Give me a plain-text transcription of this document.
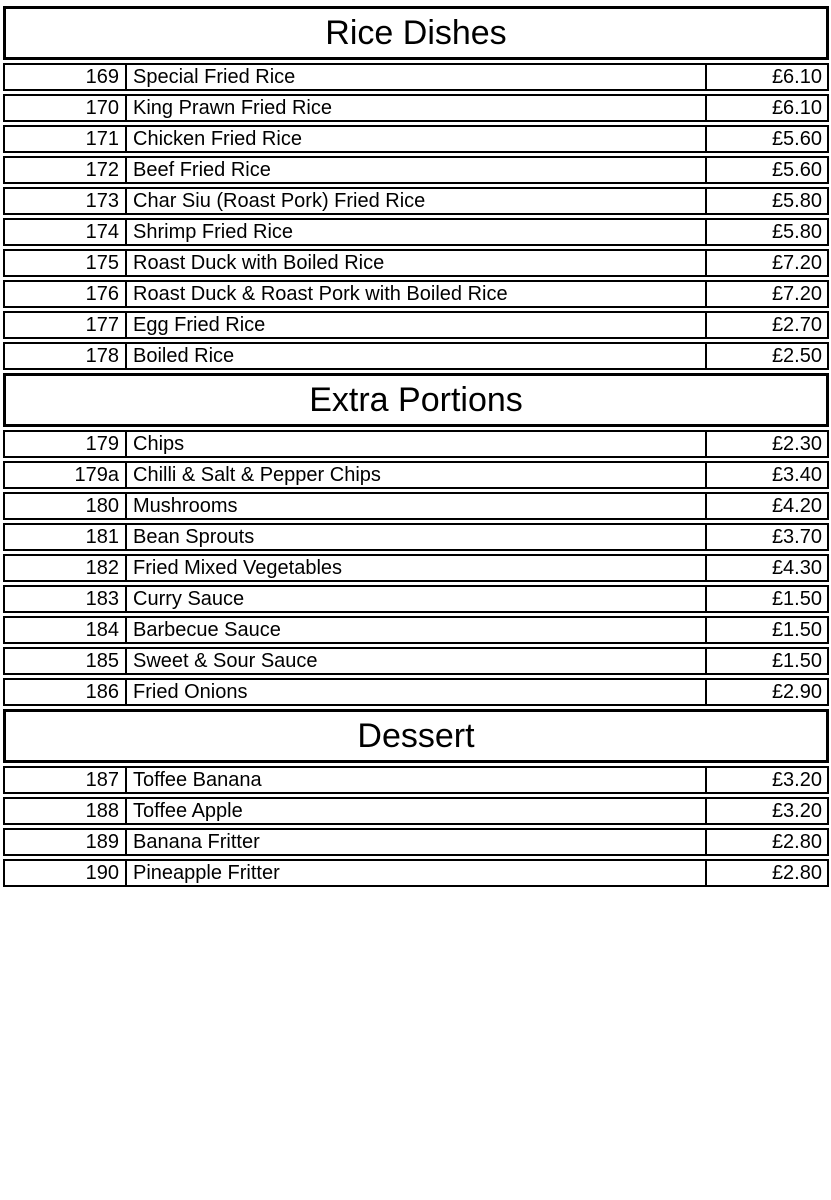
Rice Dishes
169	Special Fried Rice	£6.10
170	King Prawn Fried Rice	£6.10
171	Chicken Fried Rice	£5.60
172	Beef Fried Rice	£5.60
173	Char Siu (Roast Pork) Fried Rice	£5.80
174	Shrimp Fried Rice	£5.80
175	Roast Duck with Boiled Rice	£7.20
176	Roast Duck & Roast Pork with Boiled Rice	£7.20
177	Egg Fried Rice	£2.70
178	Boiled Rice	£2.50
Extra Portions
179	Chips	£2.30
179a	Chilli & Salt & Pepper Chips	£3.40
180	Mushrooms	£4.20
181	Bean Sprouts	£3.70
182	Fried Mixed Vegetables	£4.30
183	Curry Sauce	£1.50
184	Barbecue Sauce	£1.50
185	Sweet & Sour Sauce	£1.50
186	Fried Onions	£2.90
Dessert
187	Toffee Banana	£3.20
188	Toffee Apple	£3.20
189	Banana Fritter	£2.80
190	Pineapple Fritter	£2.80
